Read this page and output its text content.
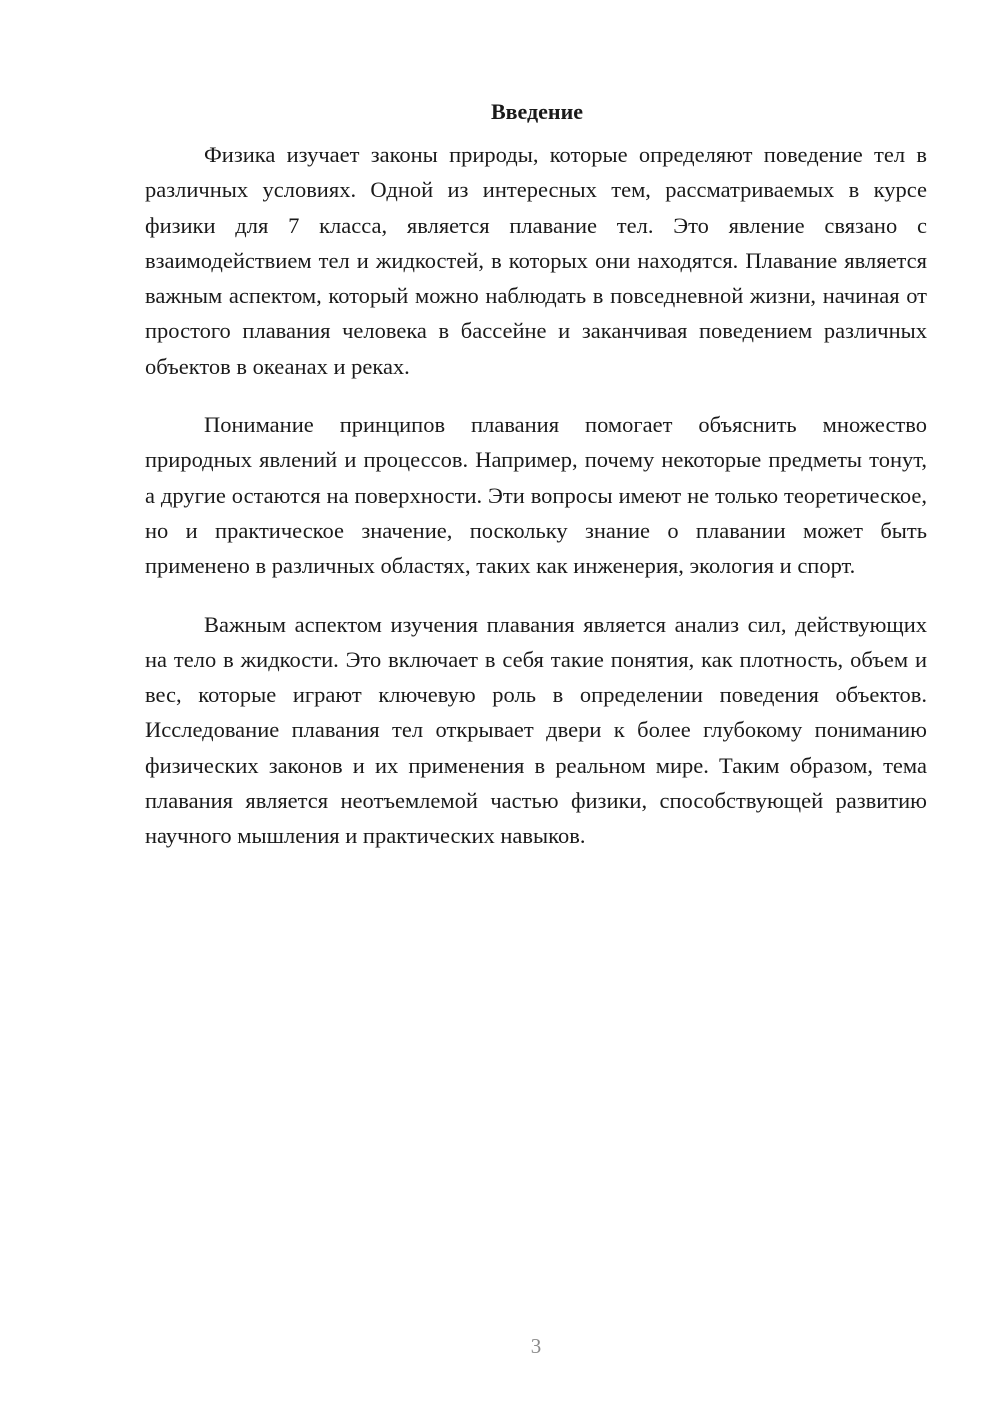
Введение

Физика изучает законы природы, которые определяют поведение тел в различных условиях. Одной из интересных тем, рассматриваемых в курсе физики для 7 класса, является плавание тел. Это явление связано с взаимодействием тел и жидкостей, в которых они находятся. Плавание является важным аспектом, который можно наблюдать в повседневной жизни, начиная от простого плавания человека в бассейне и заканчивая поведением различных объектов в океанах и реках.

Понимание принципов плавания помогает объяснить множество природных явлений и процессов. Например, почему некоторые предметы тонут, а другие остаются на поверхности. Эти вопросы имеют не только теоретическое, но и практическое значение, поскольку знание о плавании может быть применено в различных областях, таких как инженерия, экология и спорт.

Важным аспектом изучения плавания является анализ сил, действующих на тело в жидкости. Это включает в себя такие понятия, как плотность, объем и вес, которые играют ключевую роль в определении поведения объектов. Исследование плавания тел открывает двери к более глубокому пониманию физических законов и их применения в реальном мире. Таким образом, тема плавания является неотъемлемой частью физики, способствующей развитию научного мышления и практических навыков.

3
